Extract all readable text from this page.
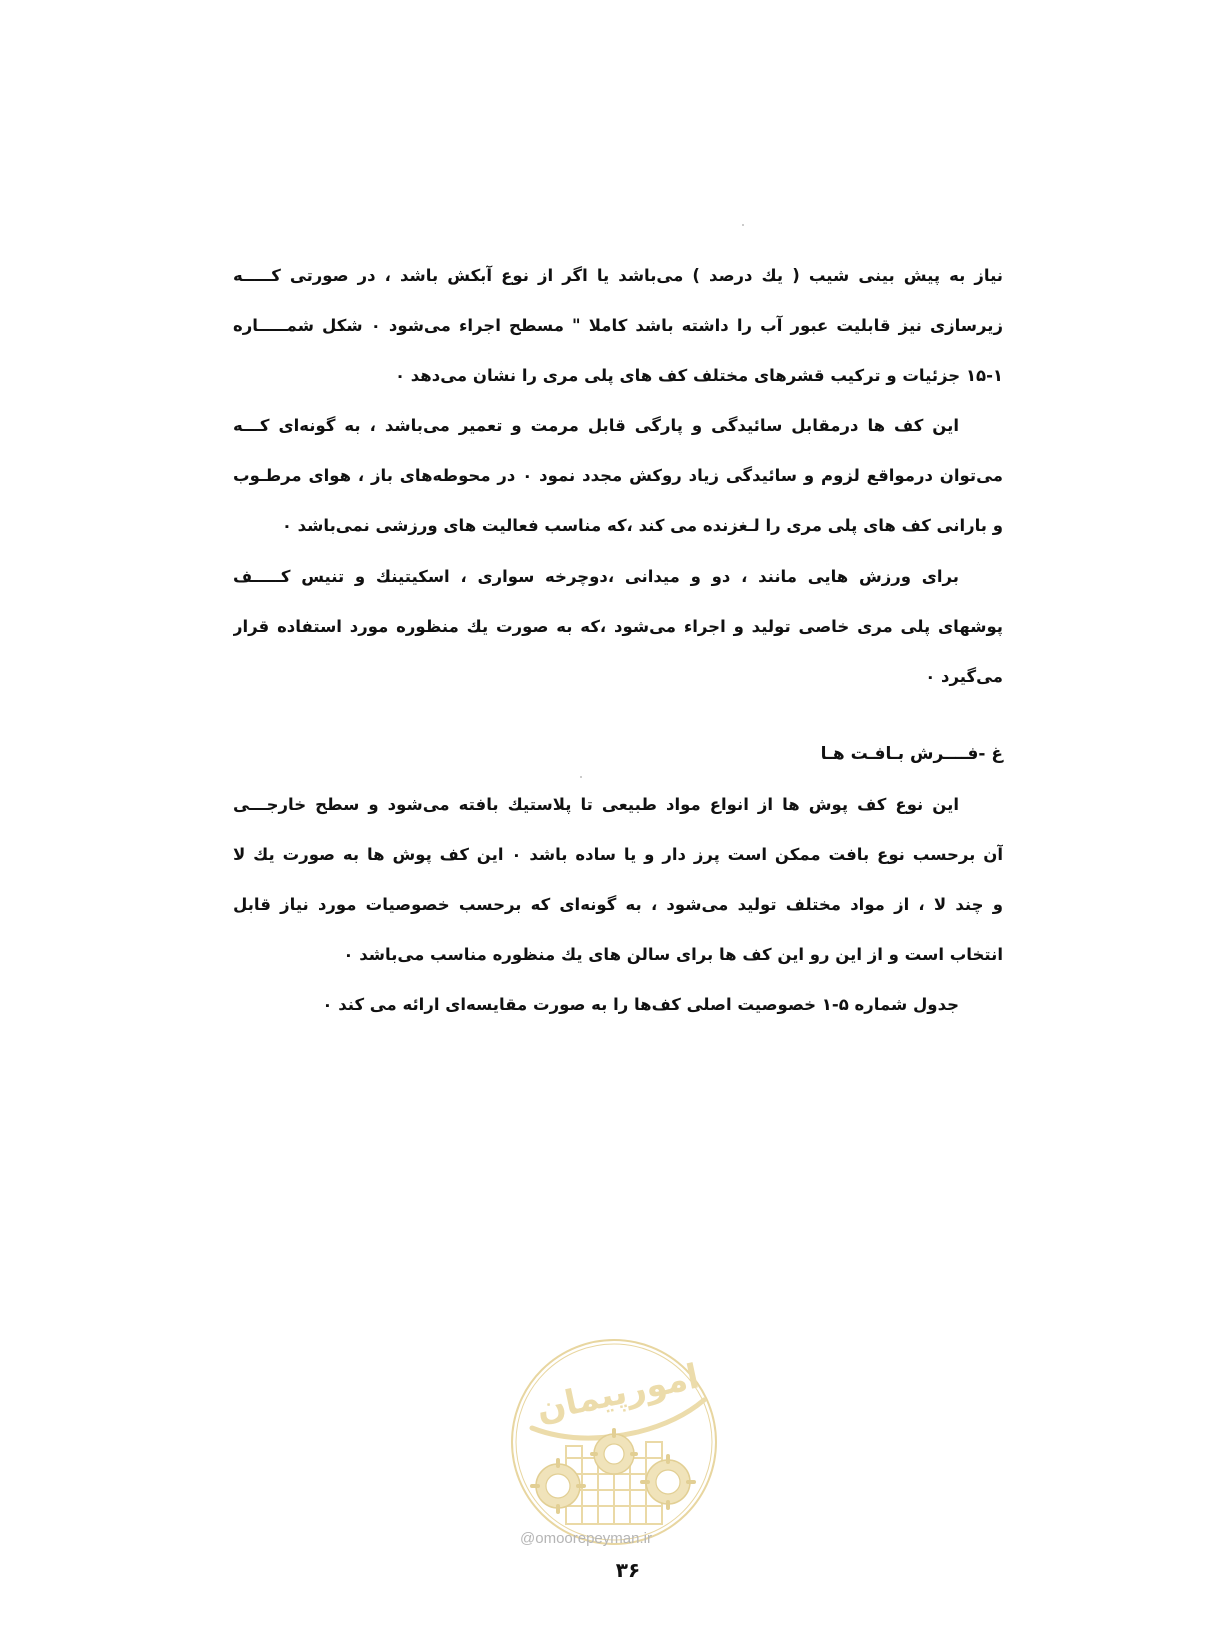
نیاز به پیش بینی شیب ( یك درصد ) می‌باشد یا اگر از نوع آبکش باشد ، در صورتی کـــــه
زیرسازی نیز قابلیت عبور آب را داشته باشد کاملا " مسطح اجراء می‌شود ۰ شکل شمـــــاره
۱۵-۱ جزئیات و ترکیب قشرهای مختلف کف های پلی مری را نشان می‌دهد ۰
این کف ها درمقابل سائیدگی و پارگی قابل مرمت و تعمیر می‌باشد ، به گونه‌ای کـــه
می‌توان درمواقع لزوم و سائیدگی زیاد روکش مجدد نمود ۰ در محوطه‌های باز ، هوای مرطـوب
و بارانی کف های پلی مری را لـغزنده می کند ،که مناسب فعالیت های ورزشی نمی‌باشد ۰
برای ورزش هایی مانند ، دو و میدانی ،دوچرخه سواری ، اسکیتینك و تنیس کـــــف
پوشهای پلی مری خاصی تولید و اجراء می‌شود ،که به صورت یك منظوره مورد استفاده قرار
می‌گیرد ۰
غ -فــــرش بـافـت هـا
این نوع کف پوش ها از انواع مواد طبیعی تا پلاستیك بافته می‌شود و سطح خارجـــی
آن برحسب نوع بافت ممکن است پرز دار و یا ساده باشد ۰ این کف پوش ها به صورت یك لا
و چند لا ، از مواد مختلف تولید می‌شود ، به گونه‌ای که برحسب خصوصیات مورد نیاز قابل
انتخاب است و از این رو این کف ها برای سالن های یك منظوره مناسب می‌باشد ۰
جدول شماره ۵-۱ خصوصیت اصلی کف‌ها را به صورت مقایسه‌ای ارائه می کند ۰
امورپیمان
@omoorepeyman.ir
۳۶
